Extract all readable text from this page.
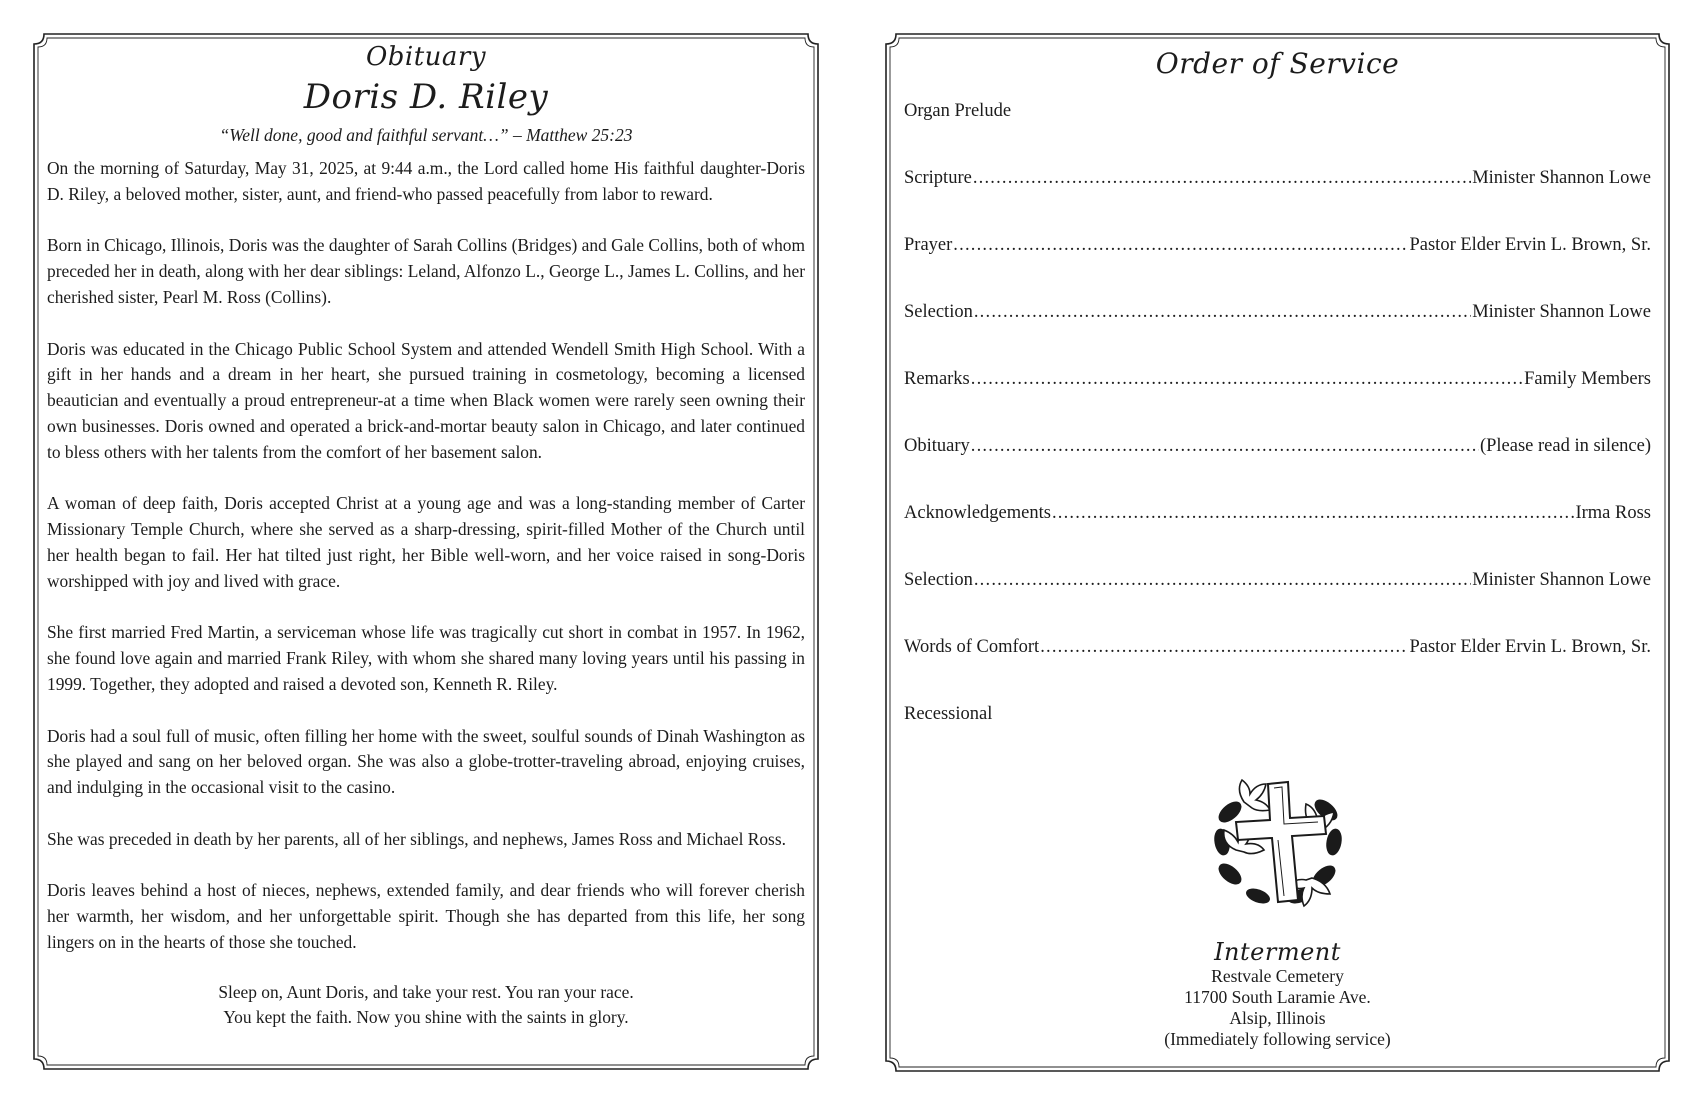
Obituary
Doris D. Riley
“Well done, good and faithful servant…” – Matthew 25:23

On the morning of Saturday, May 31, 2025, at 9:44 a.m., the Lord called home His faithful daughter-Doris D. Riley, a beloved mother, sister, aunt, and friend-who passed peacefully from labor to reward.

Born in Chicago, Illinois, Doris was the daughter of Sarah Collins (Bridges) and Gale Collins, both of whom preceded her in death, along with her dear siblings: Leland, Alfonzo L., George L., James L. Collins, and her cherished sister, Pearl M. Ross (Collins).

Doris was educated in the Chicago Public School System and attended Wendell Smith High School. With a gift in her hands and a dream in her heart, she pursued training in cosmetology, becoming a licensed beautician and eventually a proud entrepreneur-at a time when Black women were rarely seen owning their own businesses. Doris owned and operated a brick-and-mortar beauty salon in Chicago, and later continued to bless others with her talents from the comfort of her basement salon.

A woman of deep faith, Doris accepted Christ at a young age and was a long-standing member of Carter Missionary Temple Church, where she served as a sharp-dressing, spirit-filled Mother of the Church until her health began to fail. Her hat tilted just right, her Bible well-worn, and her voice raised in song-Doris worshipped with joy and lived with grace.

She first married Fred Martin, a serviceman whose life was tragically cut short in combat in 1957. In 1962, she found love again and married Frank Riley, with whom she shared many loving years until his passing in 1999. Together, they adopted and raised a devoted son, Kenneth R. Riley.

Doris had a soul full of music, often filling her home with the sweet, soulful sounds of Dinah Washington as she played and sang on her beloved organ. She was also a globe-trotter-traveling abroad, enjoying cruises, and indulging in the occasional visit to the casino.

She was preceded in death by her parents, all of her siblings, and nephews, James Ross and Michael Ross.

Doris leaves behind a host of nieces, nephews, extended family, and dear friends who will forever cherish her warmth, her wisdom, and her unforgettable spirit. Though she has departed from this life, her song lingers on in the hearts of those she touched.

Sleep on, Aunt Doris, and take your rest. You ran your race.
You kept the faith. Now you shine with the saints in glory.
Order of Service
Organ Prelude
Scripture .....	Minister Shannon Lowe
Prayer .....	Pastor Elder Ervin L. Brown, Sr.
Selection .....	Minister Shannon Lowe
Remarks .....	Family Members
Obituary .....	(Please read in silence)
Acknowledgements .....	Irma Ross
Selection .....	Minister Shannon Lowe
Words of Comfort .....	Pastor Elder Ervin L. Brown, Sr.
Recessional
Interment
Restvale Cemetery
11700 South Laramie Ave.
Alsip, Illinois
(Immediately following service)
